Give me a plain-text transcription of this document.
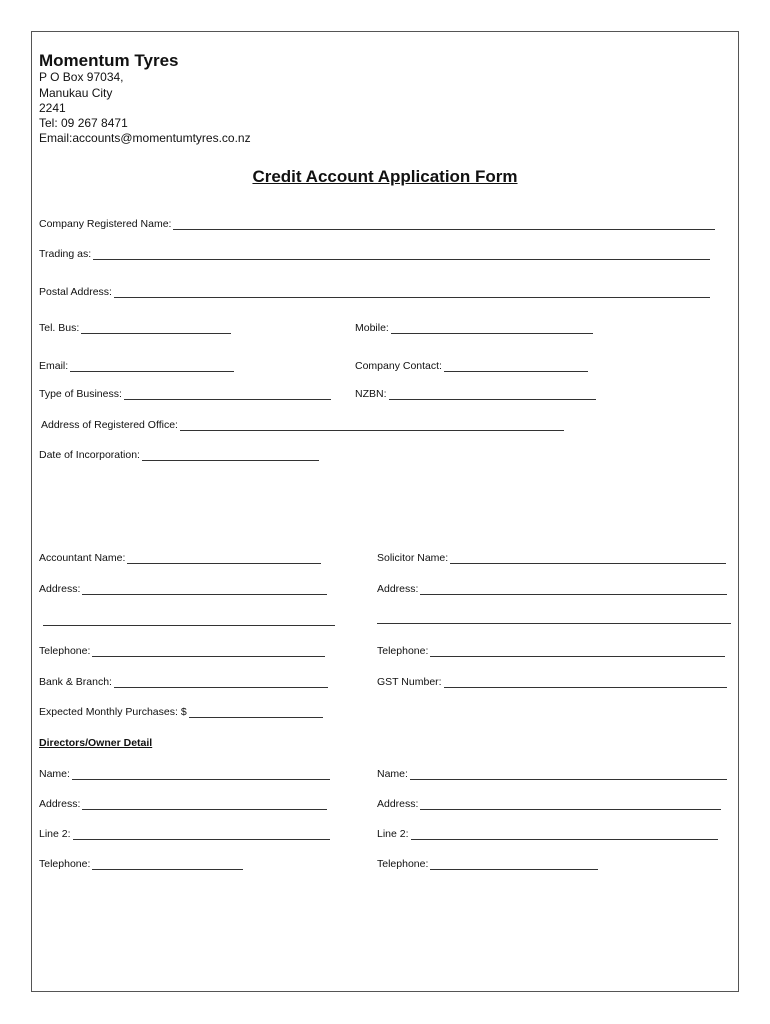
Momentum Tyres
P O Box 97034,
Manukau City
2241
Tel: 09 267 8471
Email:accounts@momentumtyres.co.nz
Credit Account Application Form
Company Registered Name:
Trading as:
Postal Address:
Tel. Bus:	Mobile:
Email:	Company Contact:
Type of Business:	NZBN:
Address of Registered Office:
Date of Incorporation:
Accountant Name:	Solicitor Name:
Address:	Address:
Telephone:	Telephone:
Bank & Branch:	GST Number:
Expected Monthly Purchases: $
Directors/Owner Detail
Name:	Name:
Address:	Address:
Line 2:	Line 2:
Telephone:	Telephone:
